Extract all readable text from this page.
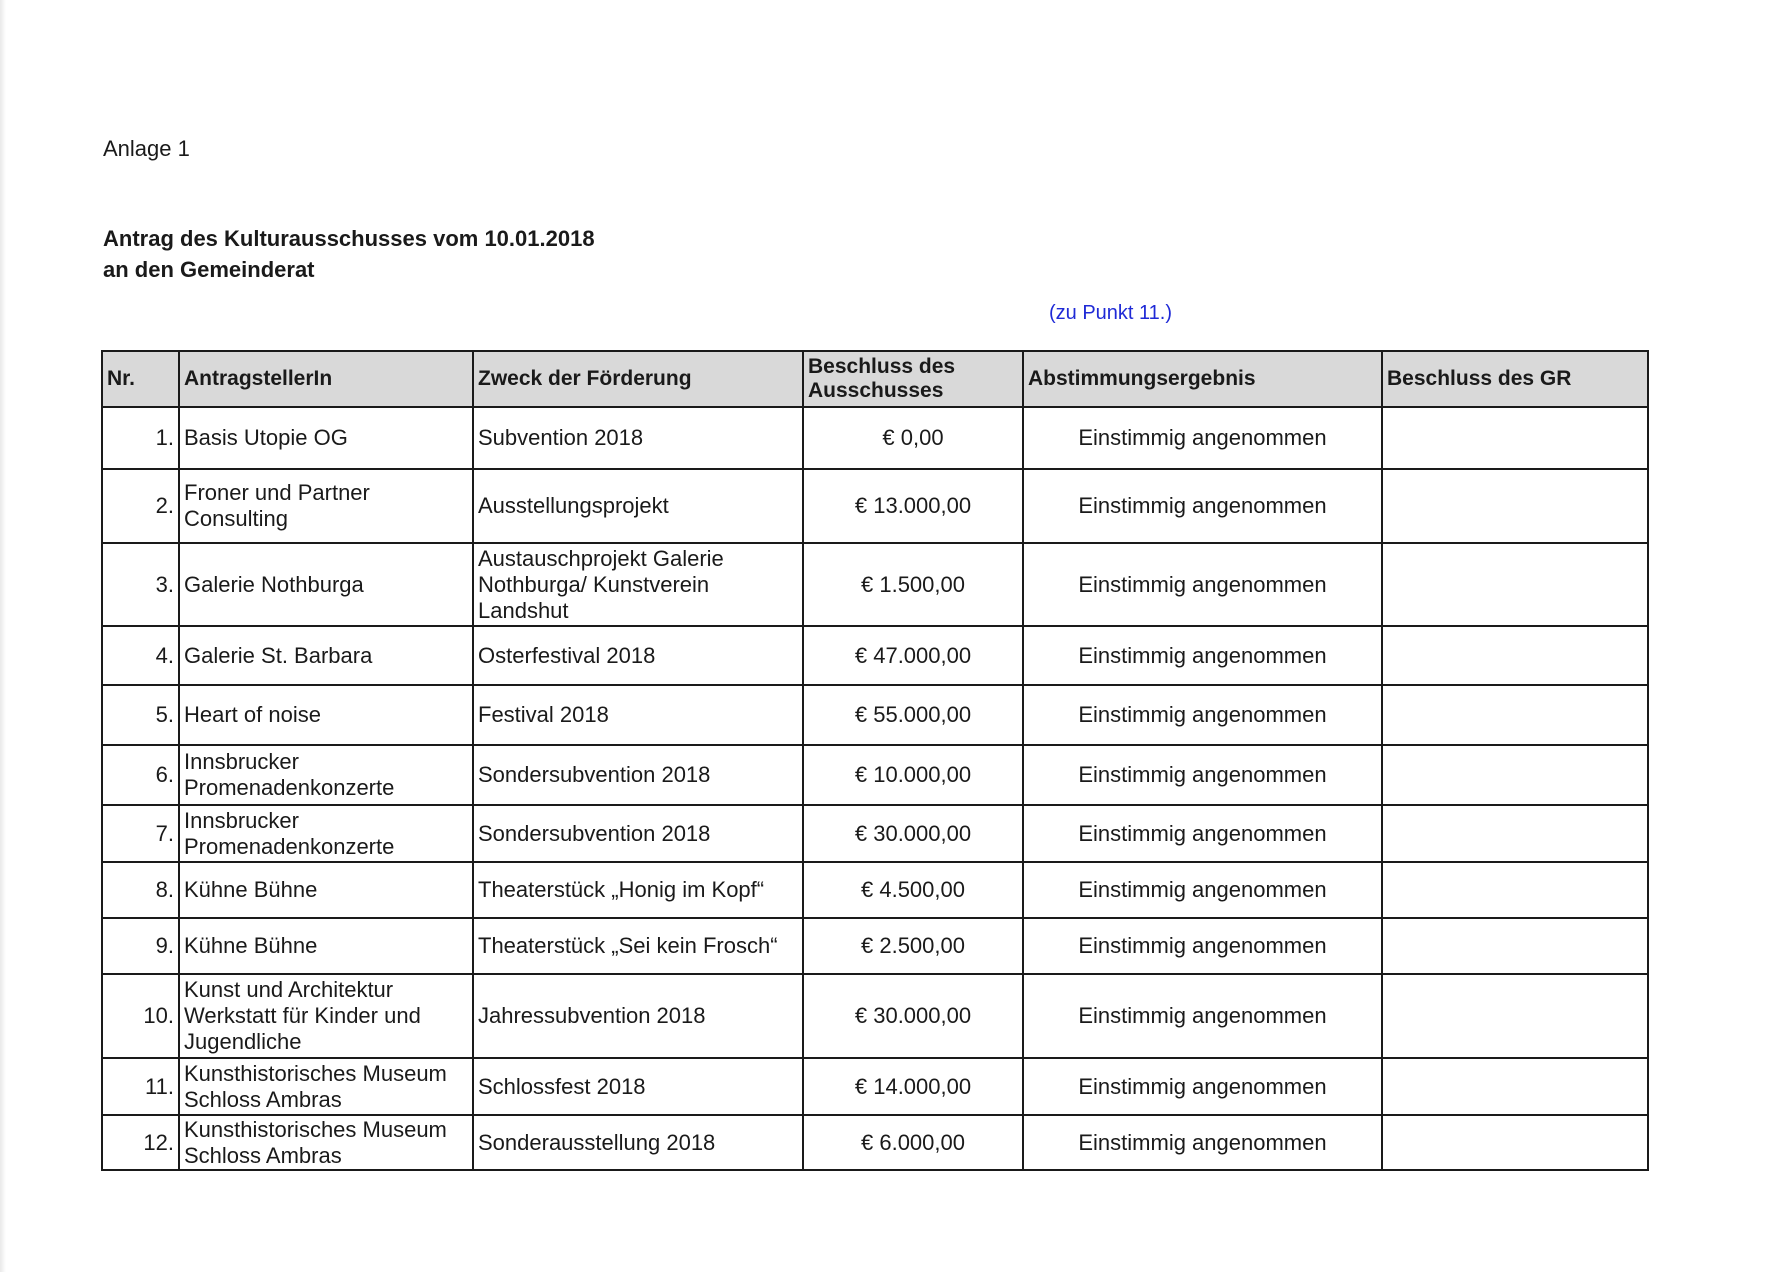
Anlage 1
Antrag des Kulturausschusses vom 10.01.2018
an den Gemeinderat
(zu Punkt 11.)
Nr.	AntragstellerIn	Zweck der Förderung	Beschluss des Ausschusses	Abstimmungsergebnis	Beschluss des GR
1.	Basis Utopie OG	Subvention 2018	€ 0,00	Einstimmig angenommen	
2.	Froner und Partner Consulting	Ausstellungsprojekt	€ 13.000,00	Einstimmig angenommen	
3.	Galerie Nothburga	Austauschprojekt Galerie Nothburga/ Kunstverein Landshut	€ 1.500,00	Einstimmig angenommen	
4.	Galerie St. Barbara	Osterfestival 2018	€ 47.000,00	Einstimmig angenommen	
5.	Heart of noise	Festival 2018	€ 55.000,00	Einstimmig angenommen	
6.	Innsbrucker Promenadenkonzerte	Sondersubvention 2018	€ 10.000,00	Einstimmig angenommen	
7.	Innsbrucker Promenadenkonzerte	Sondersubvention 2018	€ 30.000,00	Einstimmig angenommen	
8.	Kühne Bühne	Theaterstück „Honig im Kopf“	€ 4.500,00	Einstimmig angenommen	
9.	Kühne Bühne	Theaterstück „Sei kein Frosch“	€ 2.500,00	Einstimmig angenommen	
10.	Kunst und Architektur Werkstatt für Kinder und Jugendliche	Jahressubvention 2018	€ 30.000,00	Einstimmig angenommen	
11.	Kunsthistorisches Museum Schloss Ambras	Schlossfest 2018	€ 14.000,00	Einstimmig angenommen	
12.	Kunsthistorisches Museum Schloss Ambras	Sonderausstellung 2018	€ 6.000,00	Einstimmig angenommen	
